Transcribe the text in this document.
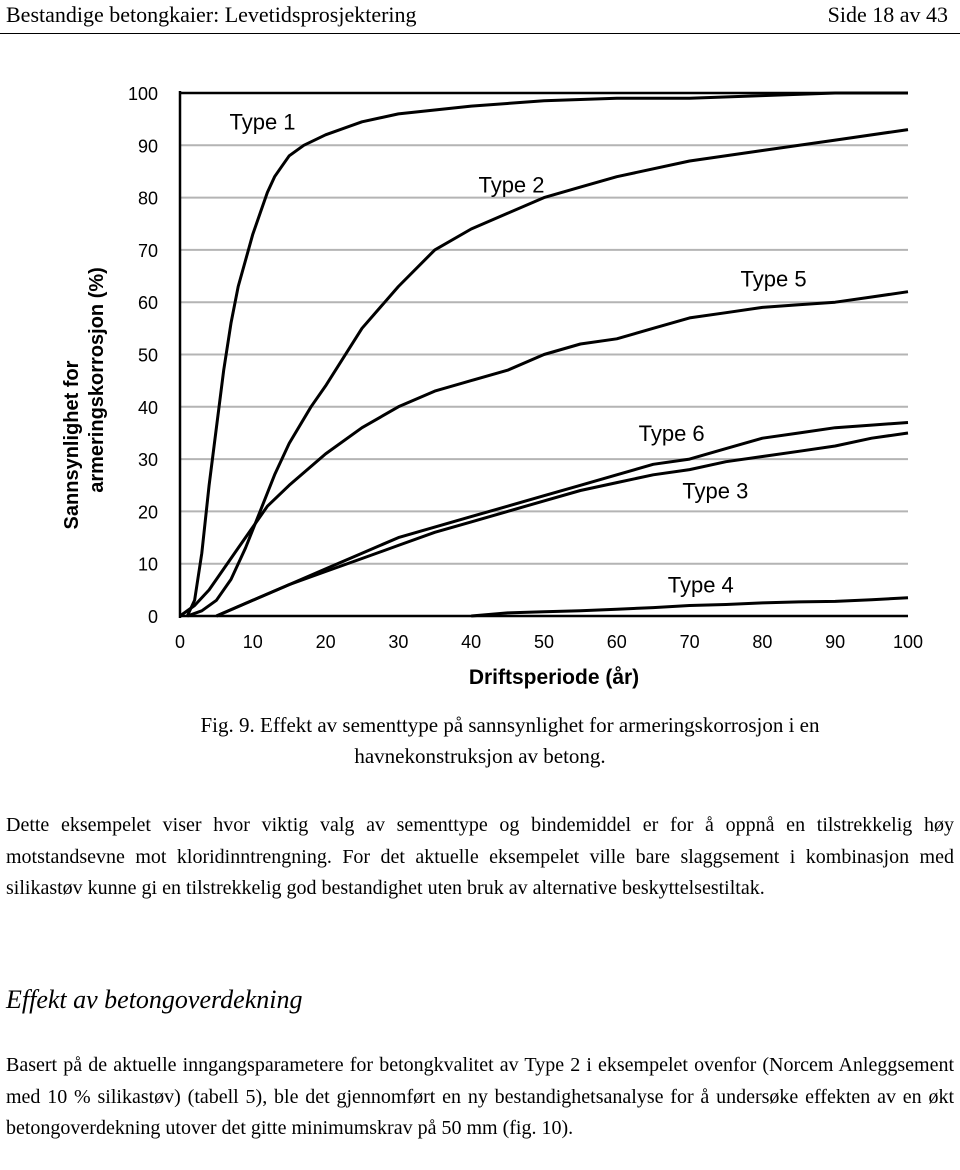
Bestandige betongkaier: Levetidsprosjektering	Side 18 av 43
0
10
20
30
40
50
60
70
80
90
100
0	10	20	30	40	50	60	70	80	90	100
Type 1
Type 2
Type 5
Type 6
Type 3
Type 4
Driftsperiode (år)
Sannsynlighet for armeringskorrosjon (%)
Fig. 9. Effekt av sementtype på sannsynlighet for armeringskorrosjon i en
havnekonstruksjon av betong.
Dette eksempelet viser hvor viktig valg av sementtype og bindemiddel er for å oppnå en tilstrekkelig høy motstandsevne mot kloridinntrengning. For det aktuelle eksempelet ville bare slaggsement i kombinasjon med silikastøv kunne gi en tilstrekkelig god bestandighet uten bruk av alternative beskyttelsestiltak.
Effekt av betongoverdekning
Basert på de aktuelle inngangsparametere for betongkvalitet av Type 2 i eksempelet ovenfor (Norcem Anleggsement med 10 % silikastøv) (tabell 5), ble det gjennomført en ny bestandighetsanalyse for å undersøke effekten av en økt betongoverdekning utover det gitte minimumskrav på 50 mm (fig. 10).
